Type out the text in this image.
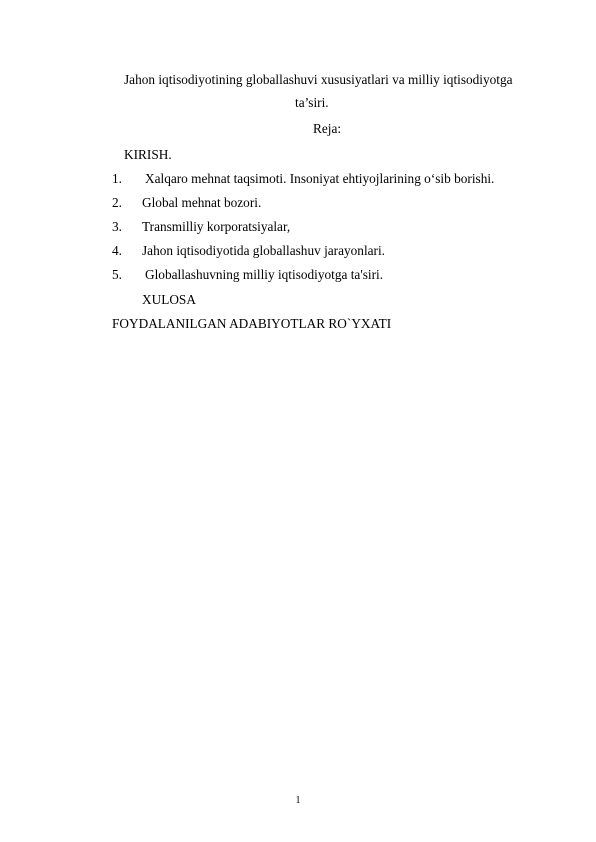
Jahon iqtisodiyotining globallashuvi xususiyatlari va milliy iqtisodiyotga
ta’siri.
Reja:
KIRISH.
1. Xalqaro mehnat taqsimoti. Insoniyat ehtiyojlarining o‘sib borishi.
2. Global mehnat bozori.
3. Transmilliy korporatsiyalar,
4. Jahon iqtisodiyotida globallashuv jarayonlari.
5. Globallashuvning milliy iqtisodiyotga ta'siri.
XULOSA
FOYDALANILGAN ADABIYOTLAR RO`YXATI
1
